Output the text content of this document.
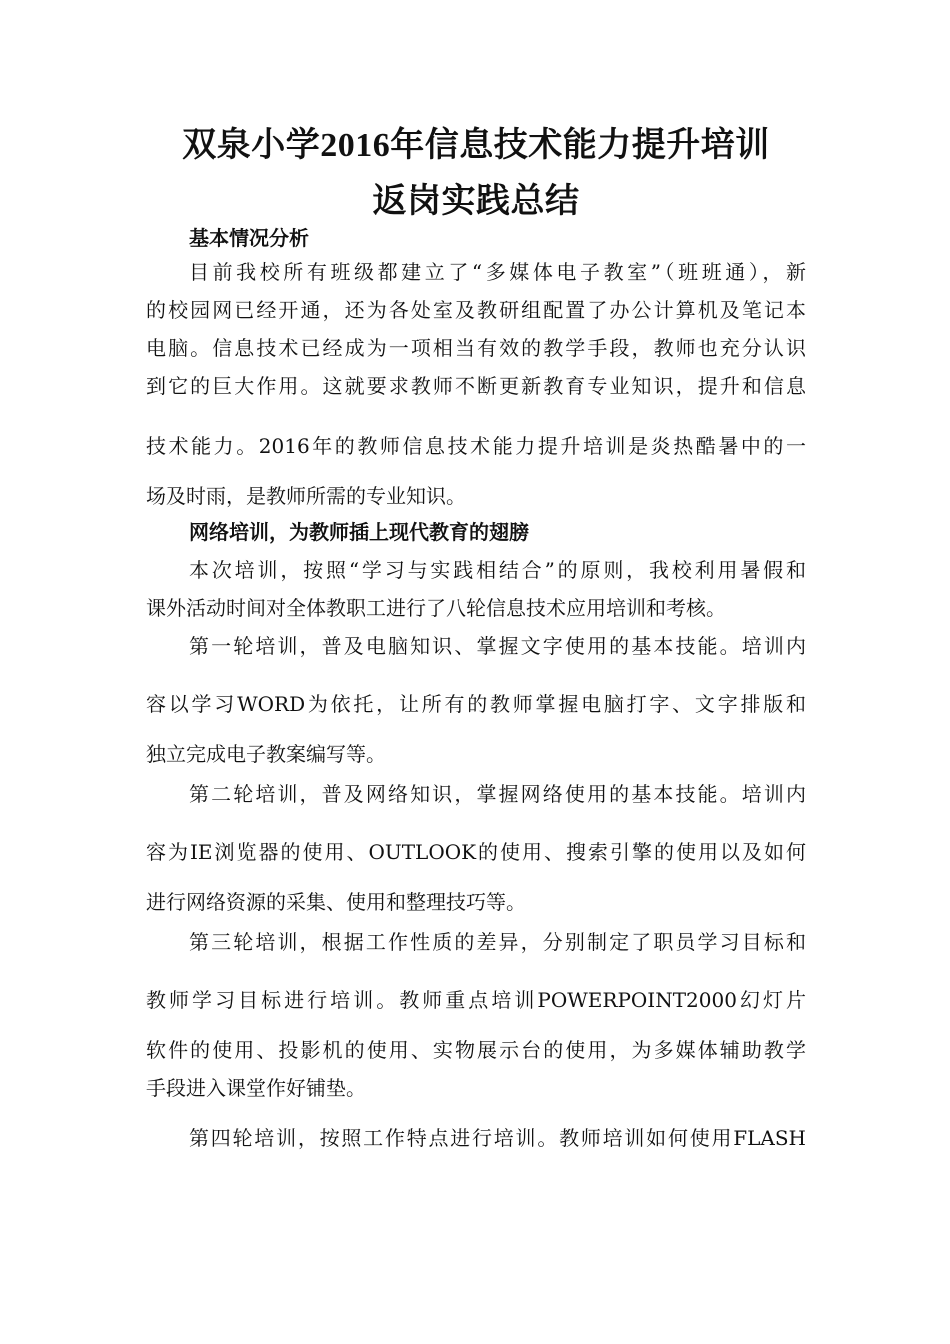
双泉小学2016年信息技术能力提升培训
返岗实践总结
基本情况分析
目前我校所有班级都建立了“多媒体电子教室”（班班通），新
的校园网已经开通，还为各处室及教研组配置了办公计算机及笔记本
电脑。信息技术已经成为一项相当有效的教学手段，教师也充分认识
到它的巨大作用。这就要求教师不断更新教育专业知识，提升和信息
技术能力。2016年的教师信息技术能力提升培训是炎热酷暑中的一
场及时雨，是教师所需的专业知识。
网络培训，为教师插上现代教育的翅膀
本次培训，按照“学习与实践相结合”的原则，我校利用暑假和
课外活动时间对全体教职工进行了八轮信息技术应用培训和考核。
第一轮培训，普及电脑知识、掌握文字使用的基本技能。培训内
容以学习WORD为依托，让所有的教师掌握电脑打字、文字排版和
独立完成电子教案编写等。
第二轮培训，普及网络知识，掌握网络使用的基本技能。培训内
容为IE浏览器的使用、OUTLOOK的使用、搜索引擎的使用以及如何
进行网络资源的采集、使用和整理技巧等。
第三轮培训，根据工作性质的差异，分别制定了职员学习目标和
教师学习目标进行培训。教师重点培训POWERPOINT2000幻灯片
软件的使用、投影机的使用、实物展示台的使用，为多媒体辅助教学
手段进入课堂作好铺垫。
第四轮培训，按照工作特点进行培训。教师培训如何使用FLASH
